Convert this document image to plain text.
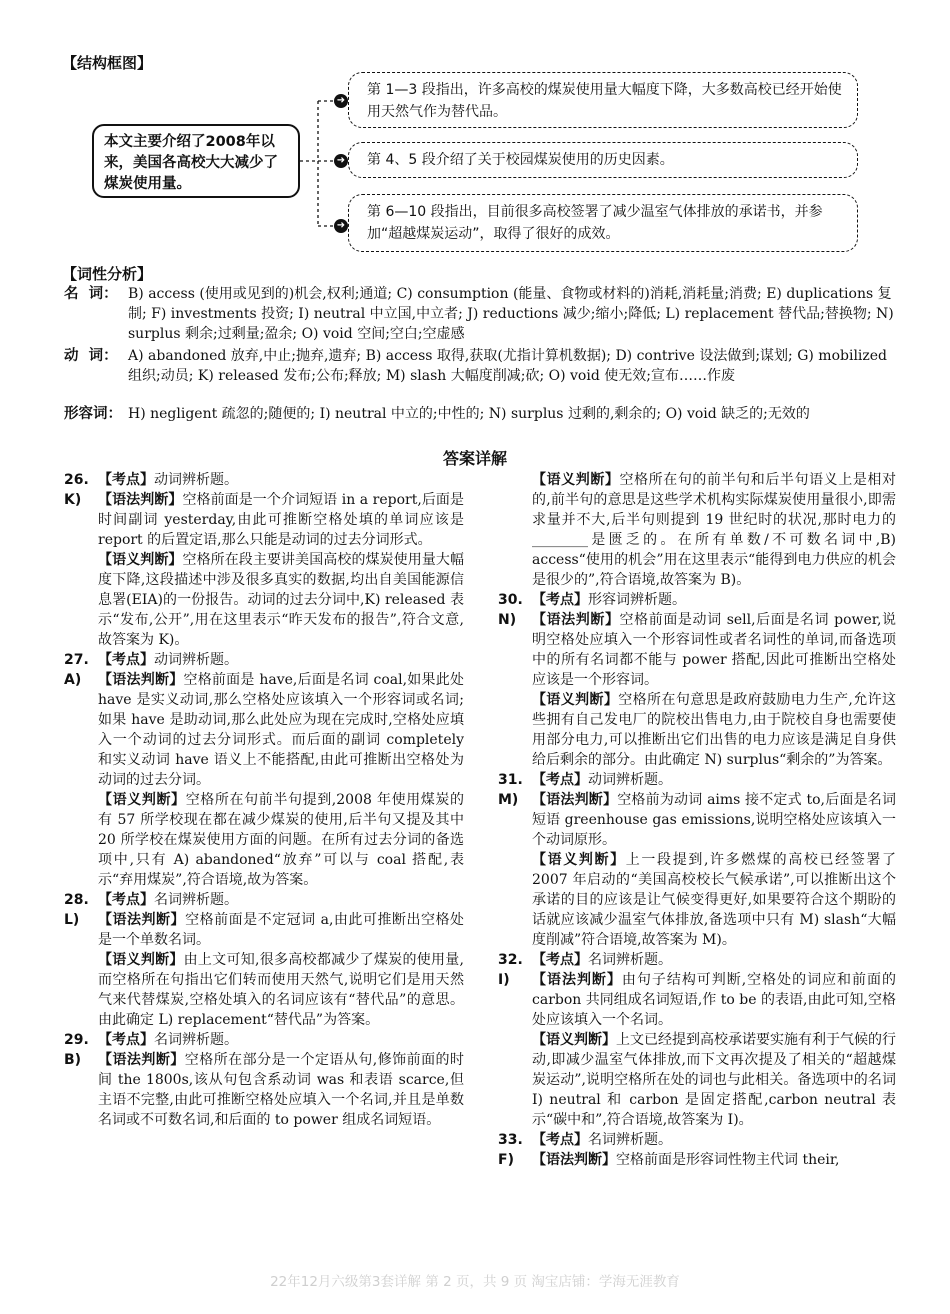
【结构框图】
➜
➜
➜
本文主要介绍了2008年以来，美国各高校大大减少了煤炭使用量。
第 1—3 段指出，许多高校的煤炭使用量大幅度下降，大多数高校已经开始使用天然气作为替代品。
第 4、5 段介绍了关于校园煤炭使用的历史因素。
第 6—10 段指出，目前很多高校签署了减少温室气体排放的承诺书，并参加“超越煤炭运动”，取得了很好的成效。
【词性分析】
名  词： B) access (使用或见到的)机会,权利;通道; C) consumption (能量、食物或材料的)消耗,消耗量;消费; E) duplications 复制; F) investments 投资; I) neutral 中立国,中立者; J) reductions 减少;缩小;降低; L) replacement 替代品;替换物; N) surplus 剩余;过剩量;盈余; O) void 空间;空白;空虚感
动  词： A) abandoned 放弃,中止;抛弃,遗弃; B) access 取得,获取(尤指计算机数据); D) contrive 设法做到;谋划; G) mobilized 组织;动员; K) released 发布;公布;释放; M) slash 大幅度削减;砍; O) void 使无效;宣布……作废
形容词： H) negligent 疏忽的;随便的; I) neutral 中立的;中性的; N) surplus 过剩的,剩余的; O) void 缺乏的;无效的
答案详解
26. 【考点】动词辨析题。
K) 【语法判断】空格前面是一个介词短语 in a report,后面是时间副词 yesterday,由此可推断空格处填的单词应该是 report 的后置定语,那么只能是动词的过去分词形式。
【语义判断】空格所在段主要讲美国高校的煤炭使用量大幅度下降,这段描述中涉及很多真实的数据,均出自美国能源信息署(EIA)的一份报告。动词的过去分词中,K) released 表示“发布,公开”,用在这里表示“昨天发布的报告”,符合文意,故答案为 K)。
27. 【考点】动词辨析题。
A) 【语法判断】空格前面是 have,后面是名词 coal,如果此处 have 是实义动词,那么空格处应该填入一个形容词或名词;如果 have 是助动词,那么此处应为现在完成时,空格处应填入一个动词的过去分词形式。而后面的副词 completely 和实义动词 have 语义上不能搭配,由此可推断出空格处为动词的过去分词。
【语义判断】空格所在句前半句提到,2008 年使用煤炭的有 57 所学校现在都在减少煤炭的使用,后半句又提及其中 20 所学校在煤炭使用方面的问题。在所有过去分词的备选项中,只有 A) abandoned“放弃”可以与 coal 搭配,表示“弃用煤炭”,符合语境,故为答案。
28. 【考点】名词辨析题。
L) 【语法判断】空格前面是不定冠词 a,由此可推断出空格处是一个单数名词。
【语义判断】由上文可知,很多高校都减少了煤炭的使用量,而空格所在句指出它们转而使用天然气,说明它们是用天然气来代替煤炭,空格处填入的名词应该有“替代品”的意思。由此确定 L) replacement“替代品”为答案。
29. 【考点】名词辨析题。
B) 【语法判断】空格所在部分是一个定语从句,修饰前面的时间 the 1800s,该从句包含系动词 was 和表语 scarce,但主语不完整,由此可推断空格处应填入一个名词,并且是单数名词或不可数名词,和后面的 to power 组成名词短语。
【语义判断】空格所在句的前半句和后半句语义上是相对的,前半句的意思是这些学术机构实际煤炭使用量很小,即需求量并不大,后半句则提到 19 世纪时的状况,那时电力的________是匮乏的。在所有单数/不可数名词中,B) access“使用的机会”用在这里表示“能得到电力供应的机会是很少的”,符合语境,故答案为 B)。
30. 【考点】形容词辨析题。
N) 【语法判断】空格前面是动词 sell,后面是名词 power,说明空格处应填入一个形容词性或者名词性的单词,而备选项中的所有名词都不能与 power 搭配,因此可推断出空格处应该是一个形容词。
【语义判断】空格所在句意思是政府鼓励电力生产,允许这些拥有自己发电厂的院校出售电力,由于院校自身也需要使用部分电力,可以推断出它们出售的电力应该是满足自身供给后剩余的部分。由此确定 N) surplus“剩余的”为答案。
31. 【考点】动词辨析题。
M) 【语法判断】空格前为动词 aims 接不定式 to,后面是名词短语 greenhouse gas emissions,说明空格处应该填入一个动词原形。
【语义判断】上一段提到,许多燃煤的高校已经签署了 2007 年启动的“美国高校校长气候承诺”,可以推断出这个承诺的目的应该是让气候变得更好,如果要符合这个期盼的话就应该减少温室气体排放,备选项中只有 M) slash“大幅度削减”符合语境,故答案为 M)。
32. 【考点】名词辨析题。
I) 【语法判断】由句子结构可判断,空格处的词应和前面的 carbon 共同组成名词短语,作 to be 的表语,由此可知,空格处应该填入一个名词。
【语义判断】上文已经提到高校承诺要实施有利于气候的行动,即减少温室气体排放,而下文再次提及了相关的“超越煤炭运动”,说明空格所在处的词也与此相关。备选项中的名词 I) neutral 和 carbon 是固定搭配,carbon neutral 表示“碳中和”,符合语境,故答案为 I)。
33. 【考点】名词辨析题。
F) 【语法判断】空格前面是形容词性物主代词 their,
22年12月六级第3套详解 第 2 页，共 9 页 淘宝店铺：学海无涯教育
